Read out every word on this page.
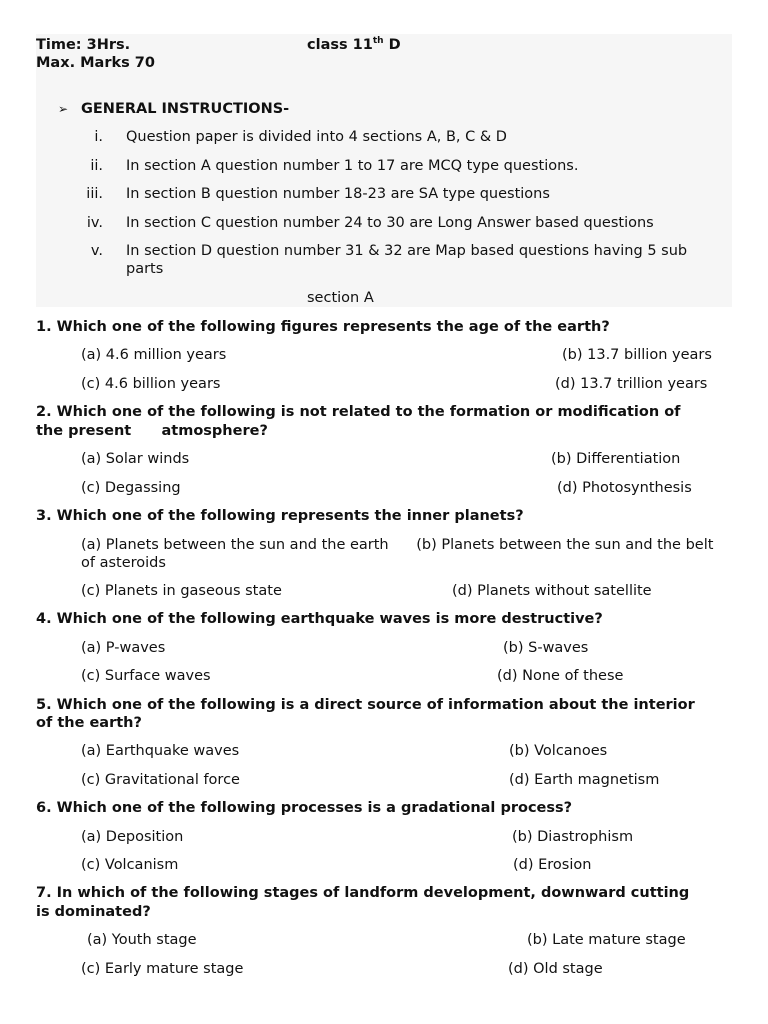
Time: 3Hrs.
Max. Marks 70
class 11th D
➢ GENERAL INSTRUCTIONS-
i. Question paper is divided into 4 sections A, B, C & D
ii. In section A question number 1 to 17 are MCQ type questions.
iii. In section B question number 18-23 are SA type questions
iv. In section C question number 24 to 30 are Long Answer based questions
v. In section D question number 31 & 32 are Map based questions having 5 sub parts
section A
1. Which one of the following figures represents the age of the earth?
(a) 4.6 million years	(b) 13.7 billion years
(c) 4.6 billion years	(d) 13.7 trillion years
2. Which one of the following is not related to the formation or modification of
the present      atmosphere?
(a) Solar winds	(b) Differentiation
(c) Degassing	(d) Photosynthesis
3. Which one of the following represents the inner planets?
(a) Planets between the sun and the earth      (b) Planets between the sun and the belt of asteroids
(c) Planets in gaseous state	(d) Planets without satellite
4. Which one of the following earthquake waves is more destructive?
(a) P-waves	(b) S-waves
(c) Surface waves	(d) None of these
5. Which one of the following is a direct source of information about the interior
of the earth?
(a) Earthquake waves	(b) Volcanoes
(c) Gravitational force	(d) Earth magnetism
6. Which one of the following processes is a gradational process?
(a) Deposition	(b) Diastrophism
(c) Volcanism	(d) Erosion
7. In which of the following stages of landform development, downward cutting
is dominated?
(a) Youth stage	(b) Late mature stage
(c) Early mature stage	(d) Old stage
